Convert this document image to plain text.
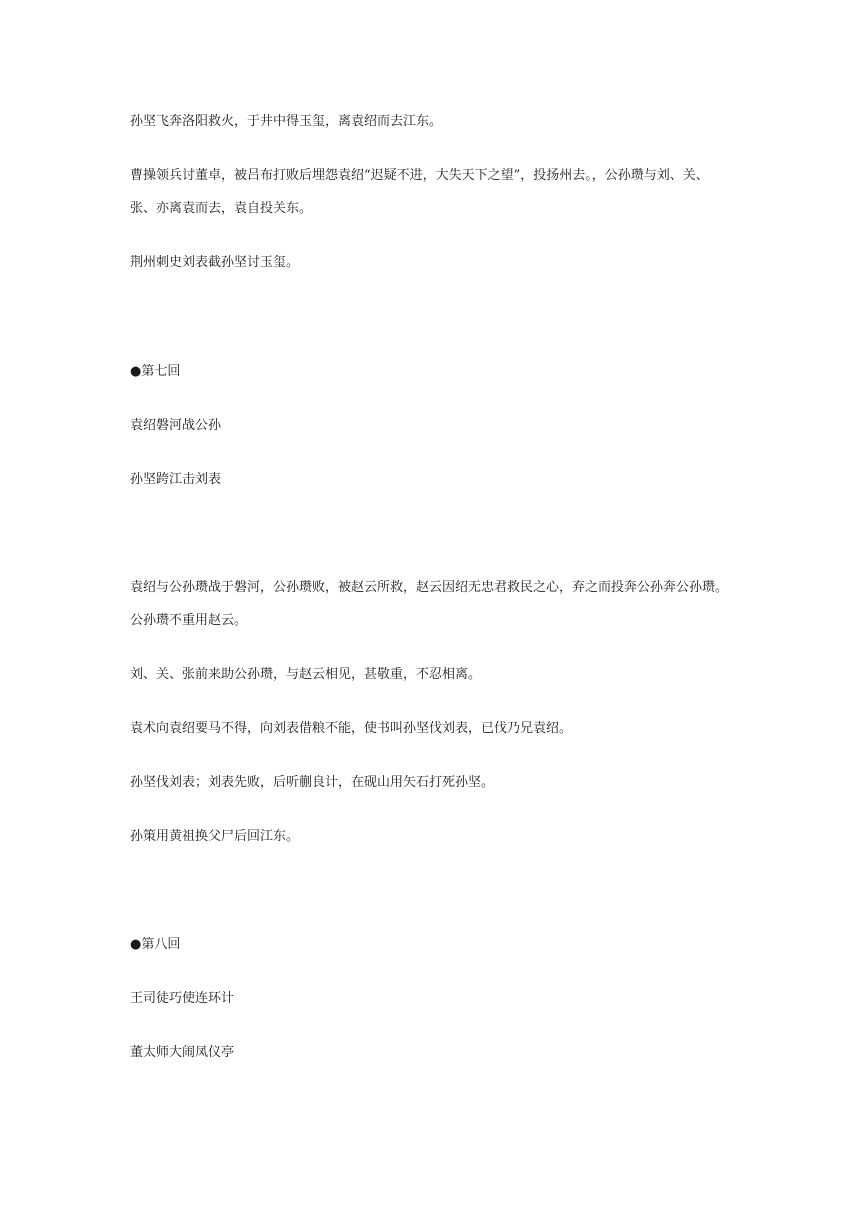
孙坚飞奔洛阳救火，于井中得玉玺，离袁绍而去江东。
曹操领兵讨董卓，被吕布打败后埋怨袁绍“迟疑不进，大失天下之望”，投扬州去。，公孙瓒与刘、关、
张、亦离袁而去，袁自投关东。
荆州刺史刘表截孙坚讨玉玺。
●第七回
袁绍磐河战公孙
孙坚跨江击刘表
袁绍与公孙瓒战于磐河，公孙瓒败，被赵云所救，赵云因绍无忠君救民之心，弃之而投奔公孙奔公孙瓒。
公孙瓒不重用赵云。
刘、关、张前来助公孙瓒，与赵云相见，甚敬重，不忍相离。
袁术向袁绍要马不得，向刘表借粮不能，使书叫孙坚伐刘表，已伐乃兄袁绍。
孙坚伐刘表；刘表先败，后听蒯良计，在砚山用矢石打死孙坚。
孙策用黄祖换父尸后回江东。
●第八回
王司徒巧使连环计
董太师大闹凤仪亭
